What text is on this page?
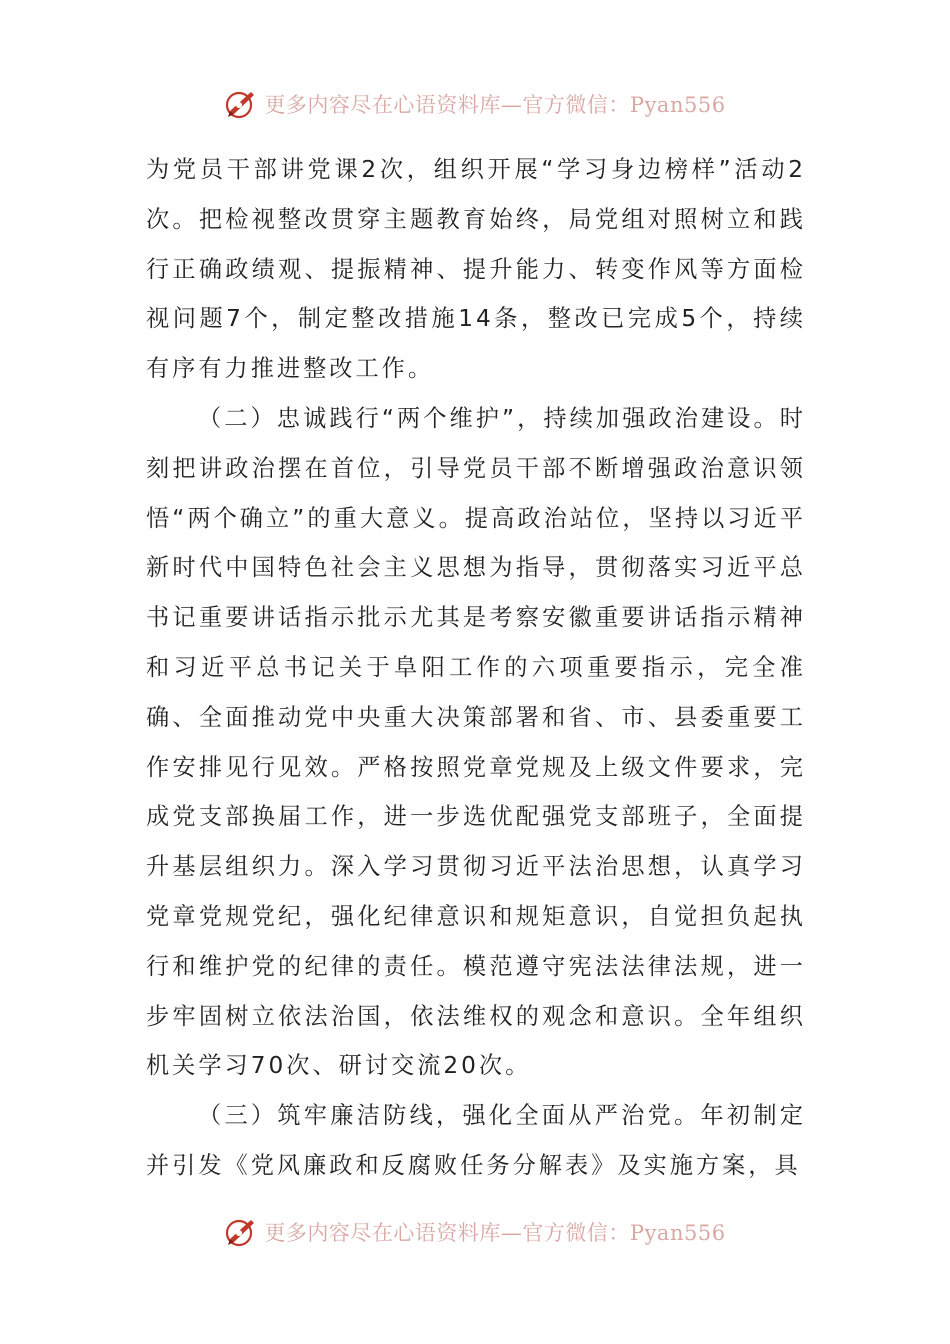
更多内容尽在心语资料库—官方微信：Pyan556

为党员干部讲党课2次，组织开展“学习身边榜样”活动2次。把检视整改贯穿主题教育始终，局党组对照树立和践行正确政绩观、提振精神、提升能力、转变作风等方面检视问题7个，制定整改措施14条，整改已完成5个，持续有序有力推进整改工作。

（二）忠诚践行“两个维护”，持续加强政治建设。时刻把讲政治摆在首位，引导党员干部不断增强政治意识领悟“两个确立”的重大意义。提高政治站位，坚持以习近平新时代中国特色社会主义思想为指导，贯彻落实习近平总书记重要讲话指示批示尤其是考察安徽重要讲话指示精神和习近平总书记关于阜阳工作的六项重要指示，完全准确、全面推动党中央重大决策部署和省、市、县委重要工作安排见行见效。严格按照党章党规及上级文件要求，完成党支部换届工作，进一步选优配强党支部班子，全面提升基层组织力。深入学习贯彻习近平法治思想，认真学习党章党规党纪，强化纪律意识和规矩意识，自觉担负起执行和维护党的纪律的责任。模范遵守宪法法律法规，进一步牢固树立依法治国，依法维权的观念和意识。全年组织机关学习70次、研讨交流20次。

（三）筑牢廉洁防线，强化全面从严治党。年初制定并引发《党风廉政和反腐败任务分解表》及实施方案，具

更多内容尽在心语资料库—官方微信：Pyan556
